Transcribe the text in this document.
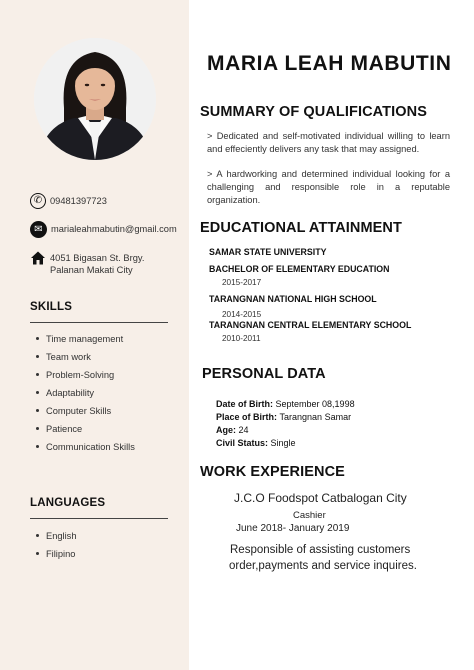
✆ 09481397723
✉ marialeahmabutin@gmail.com
4051 Bigasan St. Brgy.
Palanan Makati City
SKILLS
Time management
Team work
Problem-Solving
Adaptability
Computer Skills
Patience
Communication Skills
LANGUAGES
English
Filipino
MARIA LEAH MABUTIN
SUMMARY OF QUALIFICATIONS
> Dedicated and self-motivated individual willing to learn and effeciently delivers any task that may assigned.
> A hardworking and determined individual looking for a challenging and responsible role in a reputable organization.
EDUCATIONAL ATTAINMENT
SAMAR STATE UNIVERSITY
BACHELOR OF ELEMENTARY EDUCATION
2015-2017
TARANGNAN NATIONAL HIGH SCHOOL
2014-2015
TARANGNAN CENTRAL ELEMENTARY SCHOOL
2010-2011
PERSONAL DATA
Date of Birth: September 08,1998
Place of Birth: Tarangnan Samar
Age: 24
Civil Status: Single
WORK EXPERIENCE
J.C.O Foodspot Catbalogan City
Cashier
June 2018- January 2019
Responsible of assisting customers
order,payments and service inquires.
